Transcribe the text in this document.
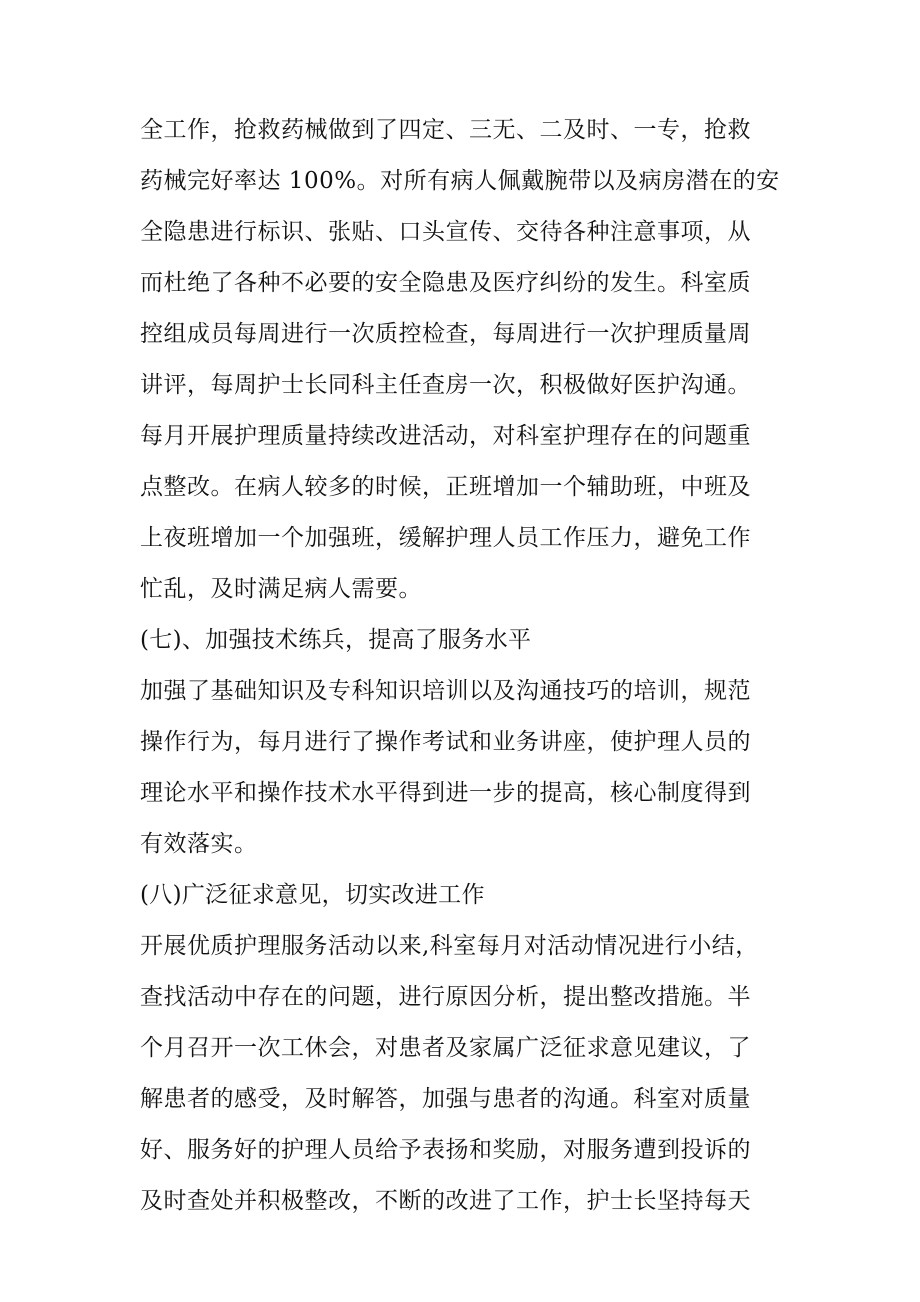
全工作，抢救药械做到了四定、三无、二及时、一专，抢救
药械完好率达 100%。对所有病人佩戴腕带以及病房潜在的安
全隐患进行标识、张贴、口头宣传、交待各种注意事项，从
而杜绝了各种不必要的安全隐患及医疗纠纷的发生。科室质
控组成员每周进行一次质控检查，每周进行一次护理质量周
讲评，每周护士长同科主任查房一次，积极做好医护沟通。
每月开展护理质量持续改进活动，对科室护理存在的问题重
点整改。在病人较多的时候，正班增加一个辅助班，中班及
上夜班增加一个加强班，缓解护理人员工作压力，避免工作
忙乱，及时满足病人需要。
(七)、加强技术练兵，提高了服务水平
加强了基础知识及专科知识培训以及沟通技巧的培训，规范
操作行为，每月进行了操作考试和业务讲座，使护理人员的
理论水平和操作技术水平得到进一步的提高，核心制度得到
有效落实。
(八)广泛征求意见，切实改进工作
开展优质护理服务活动以来,科室每月对活动情况进行小结，
查找活动中存在的问题，进行原因分析，提出整改措施。半
个月召开一次工休会，对患者及家属广泛征求意见建议，了
解患者的感受，及时解答，加强与患者的沟通。科室对质量
好、服务好的护理人员给予表扬和奖励，对服务遭到投诉的
及时查处并积极整改，不断的改进了工作，护士长坚持每天
